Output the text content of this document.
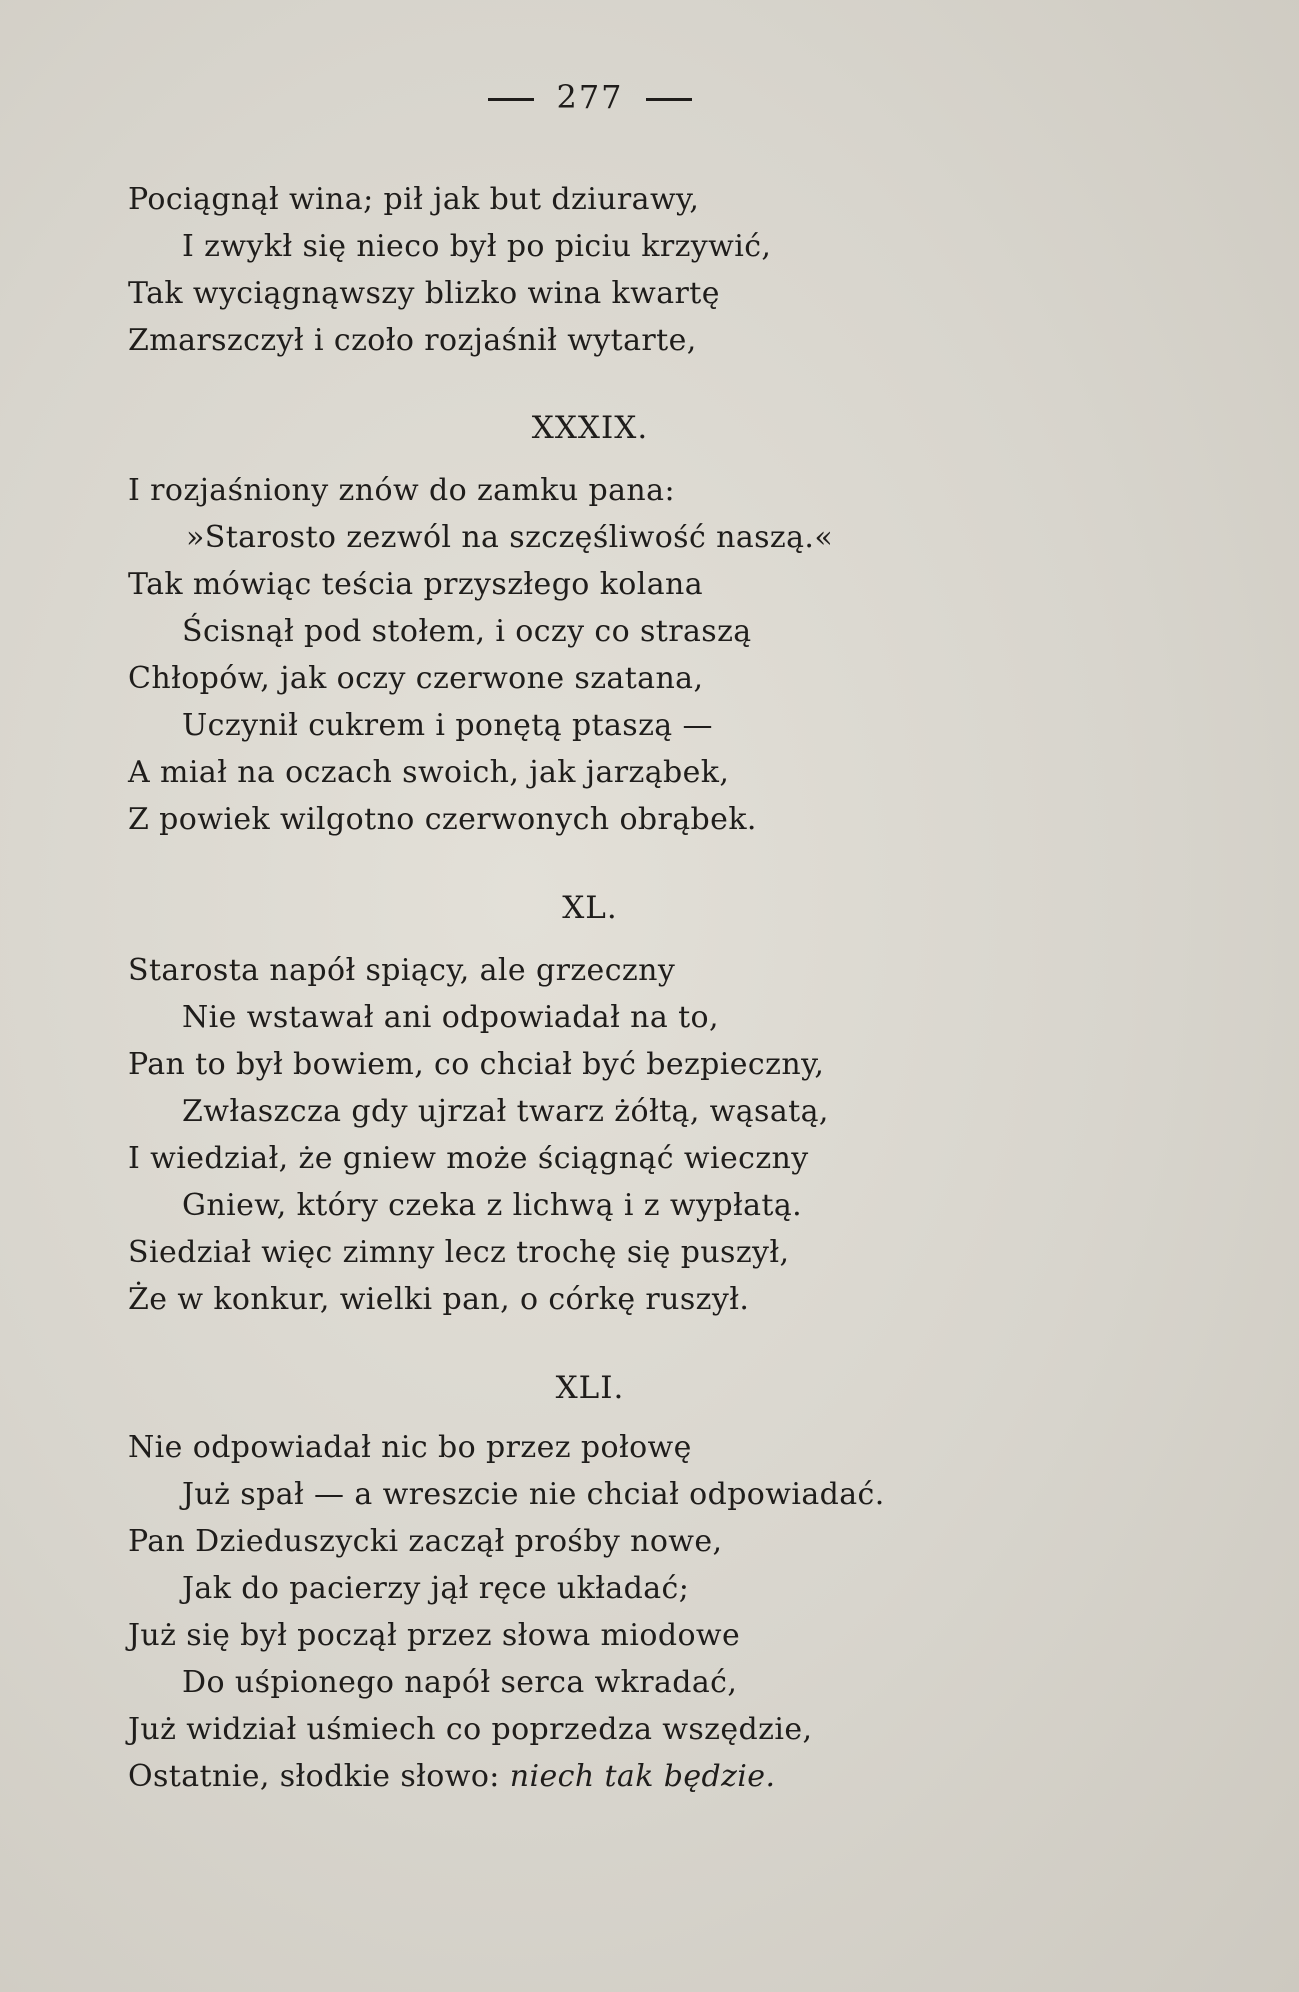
277
Pociągnął wina; pił jak but dziurawy,
I zwykł się nieco był po piciu krzywić,
Tak wyciągnąwszy blizko wina kwartę
Zmarszczył i czoło rozjaśnił wytarte,
XXXIX.
I rozjaśniony znów do zamku pana:
»Starosto zezwól na szczęśliwość naszą.«
Tak mówiąc teścia przyszłego kolana
Ścisnął pod stołem, i oczy co straszą
Chłopów, jak oczy czerwone szatana,
Uczynił cukrem i ponętą ptaszą —
A miał na oczach swoich, jak jarząbek,
Z powiek wilgotno czerwonych obrąbek.
XL.
Starosta napół spiący, ale grzeczny
Nie wstawał ani odpowiadał na to,
Pan to był bowiem, co chciał być bezpieczny,
Zwłaszcza gdy ujrzał twarz żółtą, wąsatą,
I wiedział, że gniew może ściągnąć wieczny
Gniew, który czeka z lichwą i z wypłatą.
Siedział więc zimny lecz trochę się puszył,
Że w konkur, wielki pan, o córkę ruszył.
XLI.
Nie odpowiadał nic bo przez połowę
Już spał — a wreszcie nie chciał odpowiadać.
Pan Dzieduszycki zaczął prośby nowe,
Jak do pacierzy jął ręce układać;
Już się był począł przez słowa miodowe
Do uśpionego napół serca wkradać,
Już widział uśmiech co poprzedza wszędzie,
Ostatnie, słodkie słowo: niech tak będzie.
